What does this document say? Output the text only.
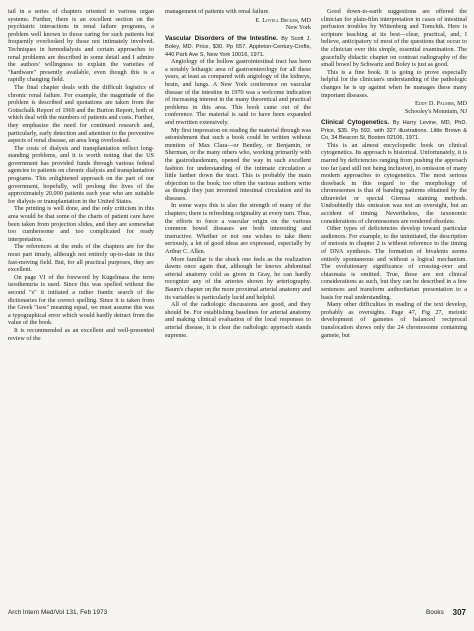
tail in a series of chapters oriented to various organ systems. Further, there is an excellent section on the psychiatric interactions in renal failure programs, a problem well known to those caring for such patients but frequently overlooked by those not intimately involved. Techniques in hemodialysis and certain approaches to renal problems are described in some detail and I admire the authors' willingness to explain the varieties of "hardware" presently available, even though this is a rapidly changing field.

The final chapter deals with the difficult logistics of chronic renal failure. For example, the magnitude of the problem is described and quotations are taken from the Gottschalk Report of 1969 and the Burton Report, both of which deal with the numbers of patients and costs. Further, they emphasize the need for continued research and, particularly, early detection and attention to the preventive aspects of renal disease, an area long overlooked.

The costs of dialysis and transplantation reflect long-standing problems, and it is worth noting that the US government has provided funds through various federal agencies to patients on chronic dialysis and transplantation programs. This enlightened approach on the part of our government, hopefully, will prolong the lives of the approximately 20,000 patients each year who are suitable for dialysis or transplantation in the United States.

The printing is well done, and the only criticism in this area would be that some of the charts of patient care have been taken from projection slides, and they are somewhat too cumbersome and too complicated for ready interpretation.

The references at the ends of the chapters are for the most part timely, although not entirely up-to-date in this fast-moving field. But, for all practical purposes, they are excellent.

On page VI of the foreword by Kugelmass the term isosthenuria is used. Since this was spelled without the second "s" it initiated a rather frantic search of the dictionaries for the correct spelling. Since it is taken from the Greek "isos" meaning equal, we must assume this was a typographical error which would hardly detract from the value of the book.

It is recommended as an excellent and well-presented review of the

management of patients with renal failure.

E. Lovell Becker, MD
New York
Vascular Disorders of the Intestine. By Scott J. Boley, MD. Price, $30. Pp 657. Appleton-Century-Crofts, 440 Park Ave S, New York 10016, 1971.

Angiology of the hollow gastrointestinal tract has been a notably lethargic area of gastroenterology for all these years, at least as compared with angiology of the kidneys, brain, and lungs. A New York conference on vascular disease of the intestine in 1970 was a welcome indication of increasing interest in the many theoretical and practical problems in this area. This book came out of the conference. The material is said to have been expanded and rewritten extensively.

My first impression on reading the material through was astonishment that such a book could be written without mention of Max Clara—or Bentley, or Benjamin, or Sherman, or the many others who, working primarily with the gastroduodenum, opened the way in such excellent fashion for understanding of the intimate circulation a little farther down the tract. This is probably the main objection to the book; too often the various authors write as though they just invented intestinal circulation and its diseases.

In some ways this is also the strength of many of the chapters; there is refreshing originality at every turn. Thus, the efforts to force a vascular origin on the various common bowel diseases are both interesting and instructive. Whether or not one wishes to take them seriously, a lot of good ideas are expressed, especially by Arthur C. Allen.

More familiar is the shock one feels as the realization dawns once again that, although he knows abdominal arterial anatomy cold as given in Gray, he can hardly recognize any of the arteries shown by arteriography. Baum's chapter on the more proximal arterial anatomy and its variables is particularly lucid and helpful.

All of the radiologic discussions are good, and they should be. For establishing baselines for arterial anatomy and making clinical evaluation of the local responses to arterial disease, it is clear the radiologic approach stands supreme.

Good down-to-earth suggestions are offered the clinician for plain-film interpretation in cases of intestinal perfusion troubles by Wittenberg and Tomchik. Here is scripture teaching at its best—clear, practical, and, I believe, anticipatory of most of the questions that occur to the clinician over this simple, essential examination. The gracefully didactic chapter on contrast radiography of the small bowel by Schwartz and Boley is just as good.

This is a fine book. It is going to prove especially helpful for the clinician's understanding of the pathologic changes he is up against when he manages these many important diseases.

Eddy D. Palmer, MD
Schooley's Mountain, NJ
Clinical Cytogenetics. By Harry Levine, MD, PhD. Price, $35. Pp 592, with 327 illustrations. Little Brown & Co, 34 Beacon St, Boston 02106, 1971.

This is an almost encyclopedic book on clinical cytogenetics. Its approach is historical. Unfortunately, it is marred by deficiencies ranging from pushing the approach too far (and still not being inclusive), to omission of many modern approaches to cytogenetics. The most serious drawback in this regard to the morphology of chromosomes is that of banding patterns obtained by the ultraviolet or special Giemsa staining methods. Undoubtedly this omission was not an oversight, but an accident of timing. Nevertheless, the taxonomic considerations of chromosomes are rendered obsolete.

Other types of deficiencies develop toward particular audiences. For example, to the uninitiated, the description of meiosis in chapter 2 is without reference to the timing of DNA synthesis. The formation of bivalents seems entirely spontaneous and without a logical mechanism. The evolutionary significance of crossing-over and chiasmata is omitted. True, these are not clinical considerations as such, but they can be described in a few sentences and transform authoritarian presentation to a basis for real understanding.

Many other difficulties in reading of the text develop, probably as oversights. Page 47, Fig 27, meiotic development of gametes of balanced reciprocal translocation shows only the 24 chromosome containing gamete, but

Arch Intern Med/Vol 131, Feb 1973	Books 307
